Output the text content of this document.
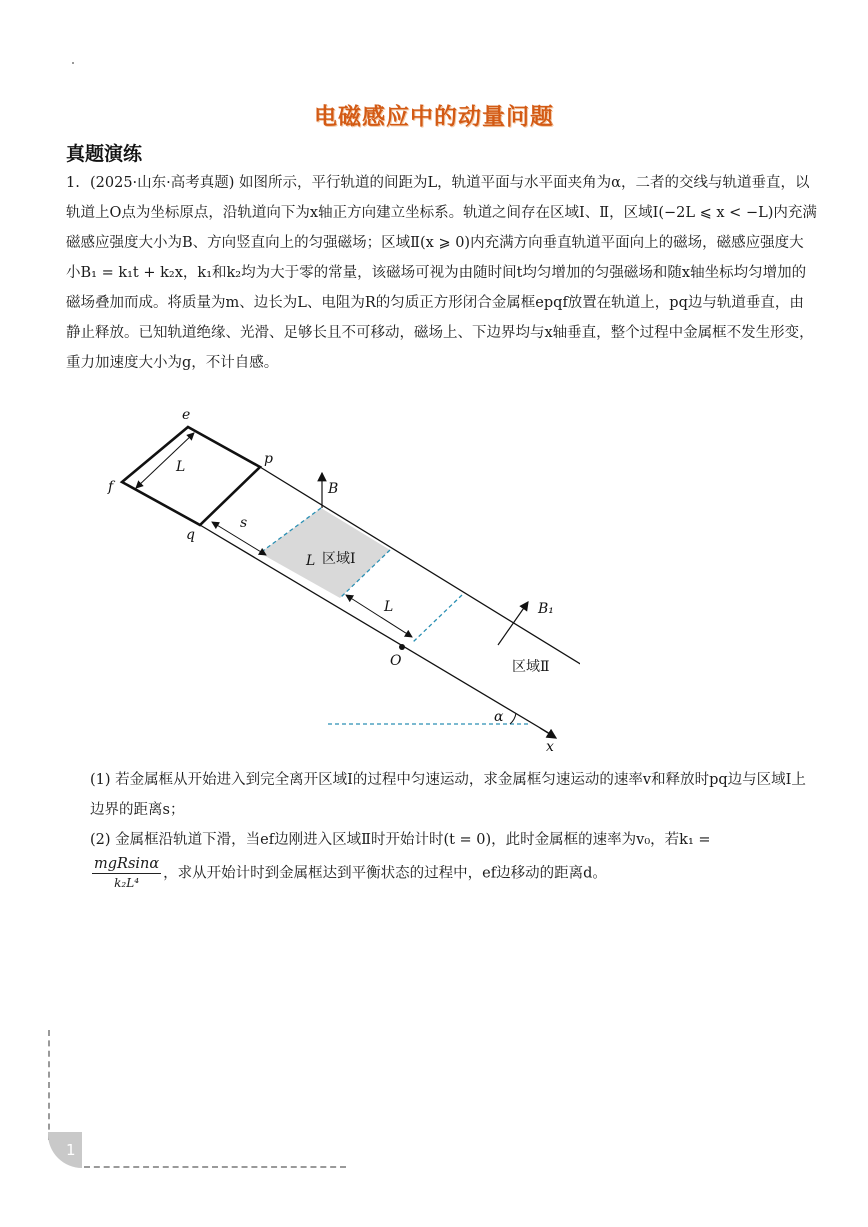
电磁感应中的动量问题
真题演练
1. (2025·山东·高考真题) 如图所示，平行轨道的间距为L，轨道平面与水平面夹角为α，二者的交线与轨道垂直，以轨道上O点为坐标原点，沿轨道向下为x轴正方向建立坐标系。轨道之间存在区域Ⅰ、Ⅱ，区域Ⅰ(−2L ⩽ x < −L)内充满磁感应强度大小为B、方向竖直向上的匀强磁场；区域Ⅱ(x ⩾ 0)内充满方向垂直轨道平面向上的磁场，磁感应强度大小B₁ = k₁t + k₂x，k₁和k₂均为大于零的常量，该磁场可视为由随时间t均匀增加的匀强磁场和随x轴坐标均匀增加的磁场叠加而成。将质量为m、边长为L、电阻为R的匀质正方形闭合金属框epqf放置在轨道上，pq边与轨道垂直，由静止释放。已知轨道绝缘、光滑、足够长且不可移动，磁场上、下边界均与x轴垂直，整个过程中金属框不发生形变，重力加速度大小为g，不计自感。
e
p
f
q
L
s
B
L 区域Ⅰ
L	B₁
区域Ⅱ
O
α
x
(1) 若金属框从开始进入到完全离开区域Ⅰ的过程中匀速运动，求金属框匀速运动的速率v和释放时pq边与区域Ⅰ上边界的距离s；
(2) 金属框沿轨道下滑，当ef边刚进入区域Ⅱ时开始计时(t = 0)，此时金属框的速率为v₀，若k₁ =

$\frac{\text{mgRsinα}}{\text{k₂L⁴}}$ ，求从开始计时到金属框达到平衡状态的过程中，ef边移动的距离d。
1
